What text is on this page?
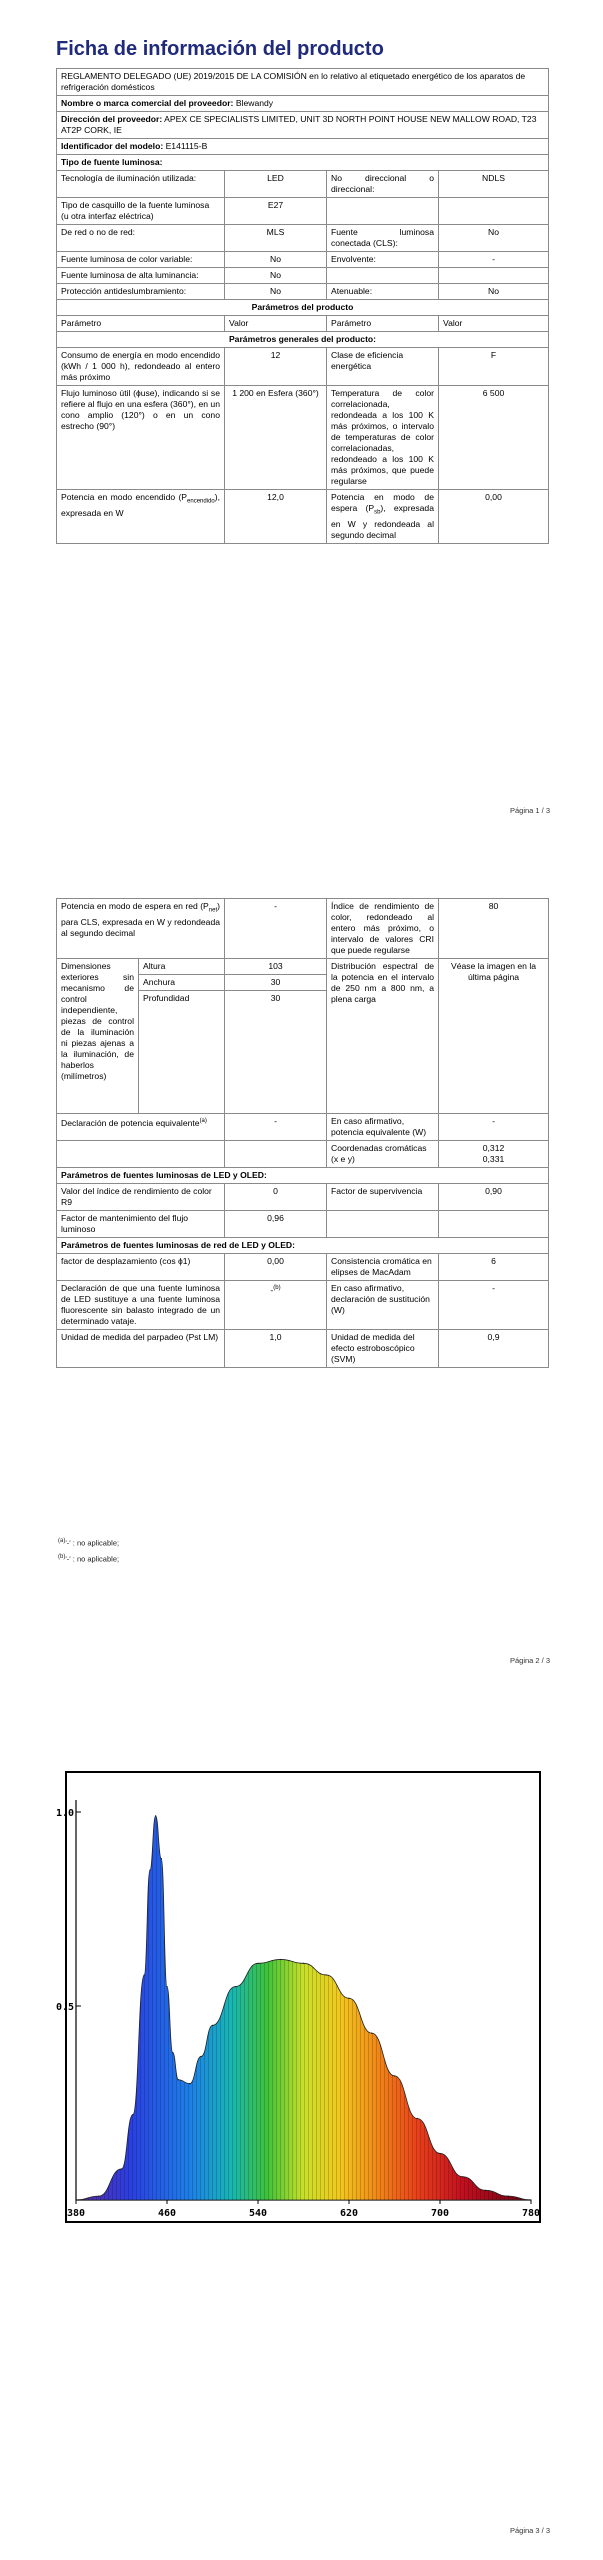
Ficha de información del producto
REGLAMENTO DELEGADO (UE) 2019/2015 DE LA COMISIÓN en lo relativo al etiquetado energético de los aparatos de refrigeración domésticos			
Nombre o marca comercial del proveedor: Blewandy			
Dirección del proveedor: APEX CE SPECIALISTS LIMITED, UNIT 3D NORTH POINT HOUSE NEW MALLOW ROAD, T23 AT2P CORK, IE			
Identificador del modelo: E141115-B			
Tipo de fuente luminosa:			
Tecnología de iluminación utilizada:	LED	No direccional o direccional:	NDLS

Tipo de casquillo de la fuente luminosa
(u otra interfaz eléctrica)	E27		
De red o no de red:	MLS	Fuente luminosa conectada (CLS):	No
Fuente luminosa de color variable:	No	Envolvente:	-
Fuente luminosa de alta luminancia:	No		
Protección antideslumbramiento:	No	Atenuable:	No
Parámetros del producto			
Parámetro	Valor	Parámetro	Valor
Parámetros generales del producto:			
Consumo de energía en modo encendido (kWh / 1 000 h), redondeado al entero más próximo	12	Clase de eficiencia energética	F
Flujo luminoso útil (ɸuse), indicando si se refiere al flujo en una esfera (360°), en un cono amplio (120°) o en un cono estrecho (90°)	1 200 en Esfera (360°)	Temperatura de color correlacionada, redondeada a los 100 K más próximos, o intervalo de temperaturas de color correlacionadas, redondeado a los 100 K más próximos, que puede regularse	6 500
Potencia en modo encendido $(P_{encendido})$, expresada en W	12,0	Potencia en modo de espera $(P_{sb})$, expresada en W y redondeada al segundo decimal	0,00
Página 1 / 3
Potencia en modo de espera en red $(P_{net})$ para CLS, expresada en W y redondeada al segundo decimal		-	Índice de rendimiento de color, redondeado al entero más próximo, o intervalo de valores CRI que puede regularse	80
Dimensiones exteriores sin mecanismo de control independiente, piezas de control de la iluminación ni piezas ajenas a la iluminación, de haberlos (milímetros)	Altura	103	Distribución espectral de la potencia en el intervalo de 250 nm a 800 nm, a plena carga	Véase la imagen en la última página
	Anchura	30		
	Profundidad	30		
Declaración de potencia equivalente$^{(a)}$		-	En caso afirmativo, potencia equivalente (W)	-
			Coordenadas cromáticas (x e y)	0,312
0,331

Parámetros de fuentes luminosas de LED y OLED:				
Valor del índice de rendimiento de color R9		0	Factor de supervivencia	0,90
Factor de mantenimiento del flujo luminoso		0,96		
Parámetros de fuentes luminosas de red de LED y OLED:				
factor de desplazamiento (cos ɸ1)		0,00	Consistencia cromática en elipses de MacAdam	6
Declaración de que una fuente luminosa de LED sustituye a una fuente luminosa fluorescente sin balasto integrado de un determinado vataje.		-$^{(b)}$	En caso afirmativo, declaración de sustitución (W)	-
Unidad de medida del parpadeo (Pst LM)		1,0	Unidad de medida del efecto estroboscópico (SVM)	0,9
$^{(a)}$'-' : no aplicable;
$^{(b)}$'-' : no aplicable;
Página 2 / 3
380	460	540	620	700	780
1.0
0.5
Página 3 / 3
